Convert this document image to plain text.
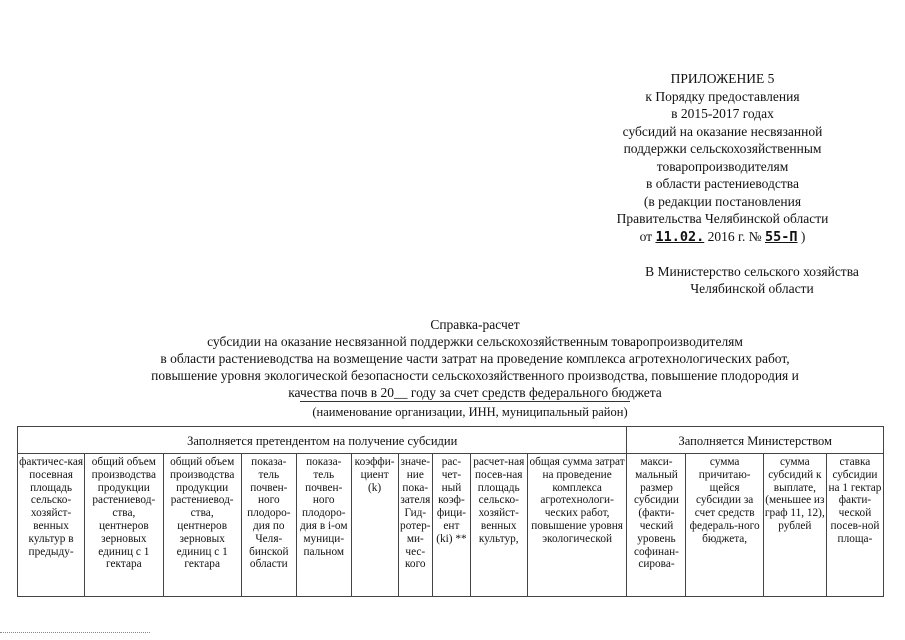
ПРИЛОЖЕНИЕ 5
к Порядку предоставления
в 2015-2017 годах
субсидий на оказание несвязанной
поддержки сельскохозяйственным
товаропроизводителям
в области растениеводства
(в редакции постановления
Правительства Челябинской области
от 11.02. 2016 г. № 55-П )
В Министерство сельского хозяйства
Челябинской области
Справка-расчет
субсидии на оказание несвязанной поддержки сельскохозяйственным товаропроизводителям
в области растениеводства на возмещение части затрат на проведение комплекса агротехнологических работ,
повышение уровня экологической безопасности сельскохозяйственного производства, повышение плодородия и
качества почв в 20__ году за счет средств федерального бюджета
(наименование организации, ИНН, муниципальный район)
Заполняется претендентом на получение субсидии										Заполняется Министерством			
фактичес-кая посевная площадь сельско-хозяйст-венных культур в предыду-	общий объем производства продукции растениевод-ства, центнеров зерновых единиц с 1 гектара	общий объем производства продукции растениевод-ства, центнеров зерновых единиц с 1 гектара	показа-тель почвен-ного плодоро-дия по Челя-бинской области	показа-тель почвен-ного плодоро-дия в i-ом муници-пальном	коэффи-циент (k)	значе-ние пока-зателя Гид-ротер-ми-чес-кого	рас-чет-ный коэф-фици-ент (ki) **	расчет-ная посев-ная площадь сельско-хозяйст-венных культур,	общая сумма затрат на проведение комплекса агротехнологи-ческих работ, повышение уровня экологической	макси-мальный размер субсидии (факти-ческий уровень софинан-сирова-	сумма причитаю-щейся субсидии за счет средств федераль-ного бюджета,	сумма субсидий к выплате, (меньшее из граф 11, 12), рублей	ставка субсидии на 1 гектар факти-ческой посев-ной площа-
